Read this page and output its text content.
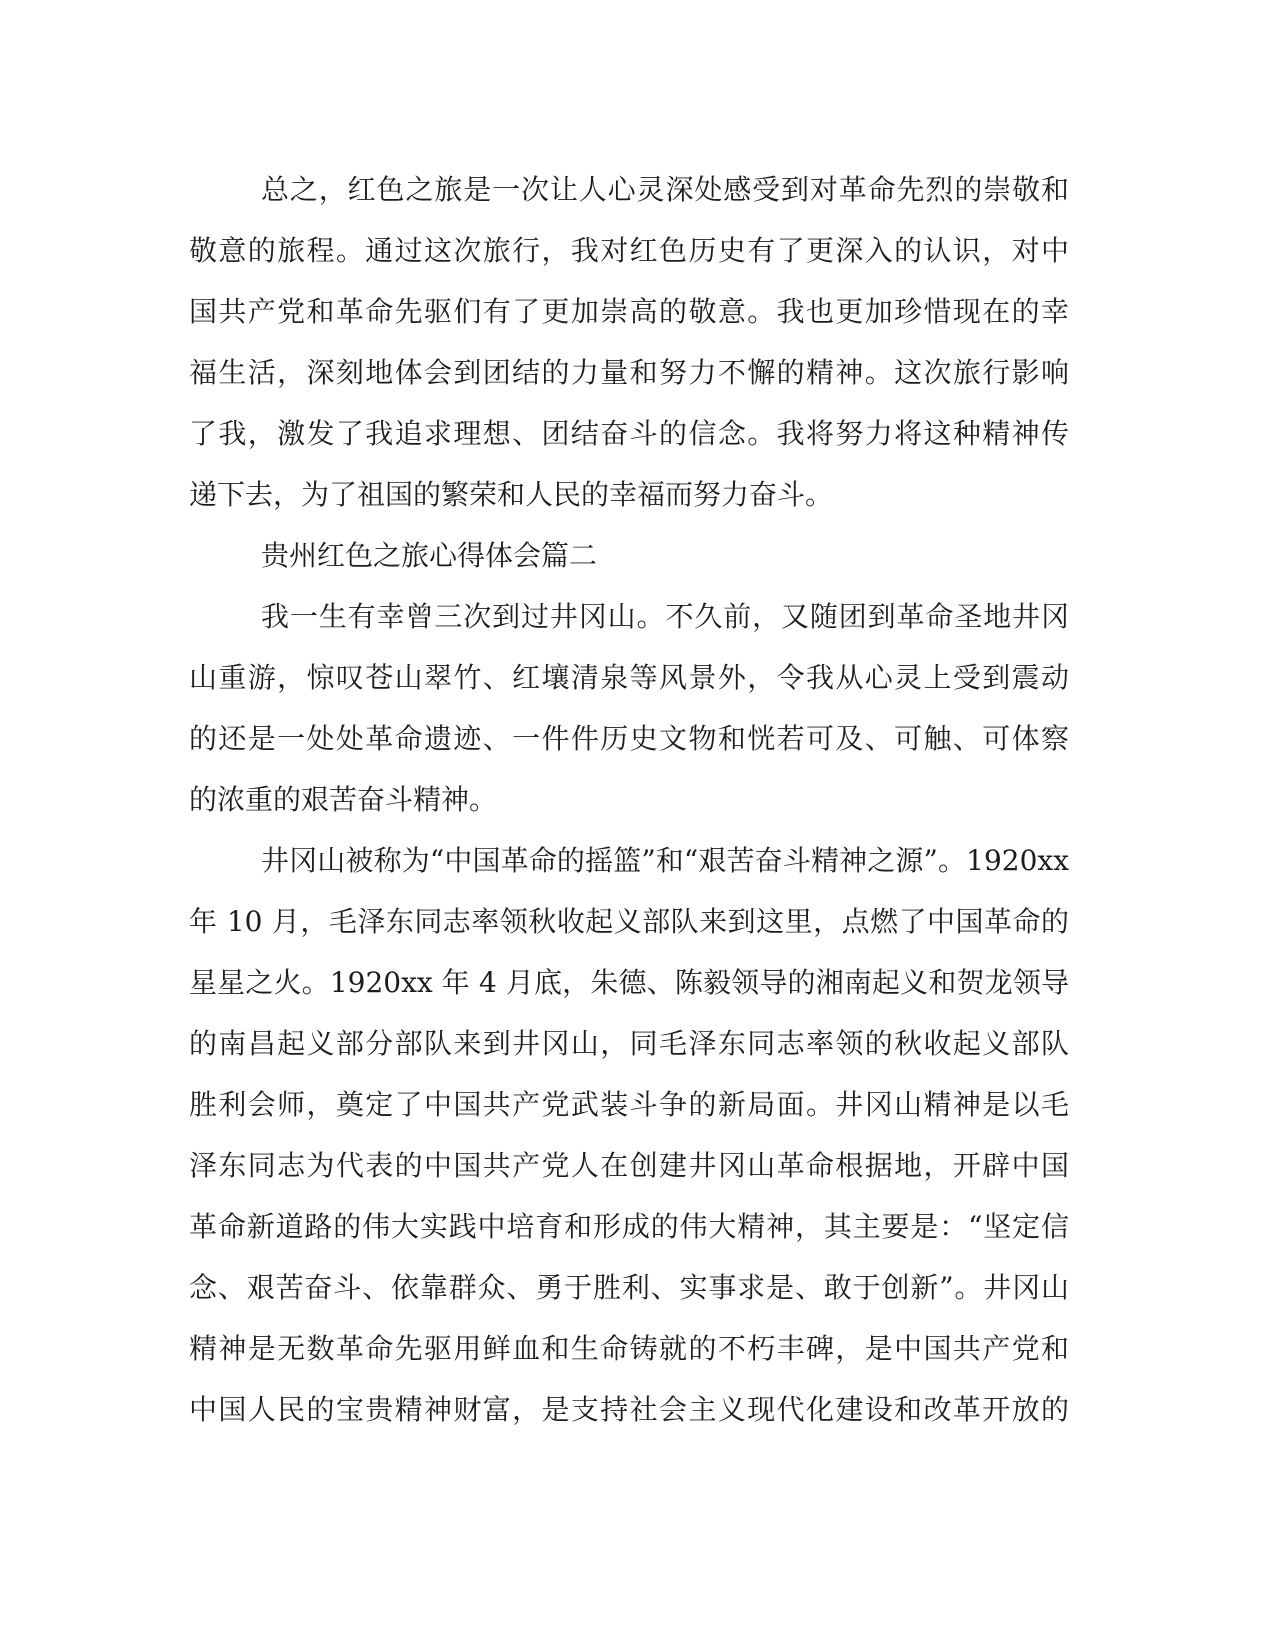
总之，红色之旅是一次让人心灵深处感受到对革命先烈的崇敬和
敬意的旅程。通过这次旅行，我对红色历史有了更深入的认识，对中
国共产党和革命先驱们有了更加崇高的敬意。我也更加珍惜现在的幸
福生活，深刻地体会到团结的力量和努力不懈的精神。这次旅行影响
了我，激发了我追求理想、团结奋斗的信念。我将努力将这种精神传
递下去，为了祖国的繁荣和人民的幸福而努力奋斗。
贵州红色之旅心得体会篇二
我一生有幸曾三次到过井冈山。不久前，又随团到革命圣地井冈
山重游，惊叹苍山翠竹、红壤清泉等风景外，令我从心灵上受到震动
的还是一处处革命遗迹、一件件历史文物和恍若可及、可触、可体察
的浓重的艰苦奋斗精神。
井冈山被称为“中国革命的摇篮”和“艰苦奋斗精神之源”。1920xx
年 10 月，毛泽东同志率领秋收起义部队来到这里，点燃了中国革命的
星星之火。1920xx 年 4 月底，朱德、陈毅领导的湘南起义和贺龙领导
的南昌起义部分部队来到井冈山，同毛泽东同志率领的秋收起义部队
胜利会师，奠定了中国共产党武装斗争的新局面。井冈山精神是以毛
泽东同志为代表的中国共产党人在创建井冈山革命根据地，开辟中国
革命新道路的伟大实践中培育和形成的伟大精神，其主要是：“坚定信
念、艰苦奋斗、依靠群众、勇于胜利、实事求是、敢于创新”。井冈山
精神是无数革命先驱用鲜血和生命铸就的不朽丰碑，是中国共产党和
中国人民的宝贵精神财富，是支持社会主义现代化建设和改革开放的
